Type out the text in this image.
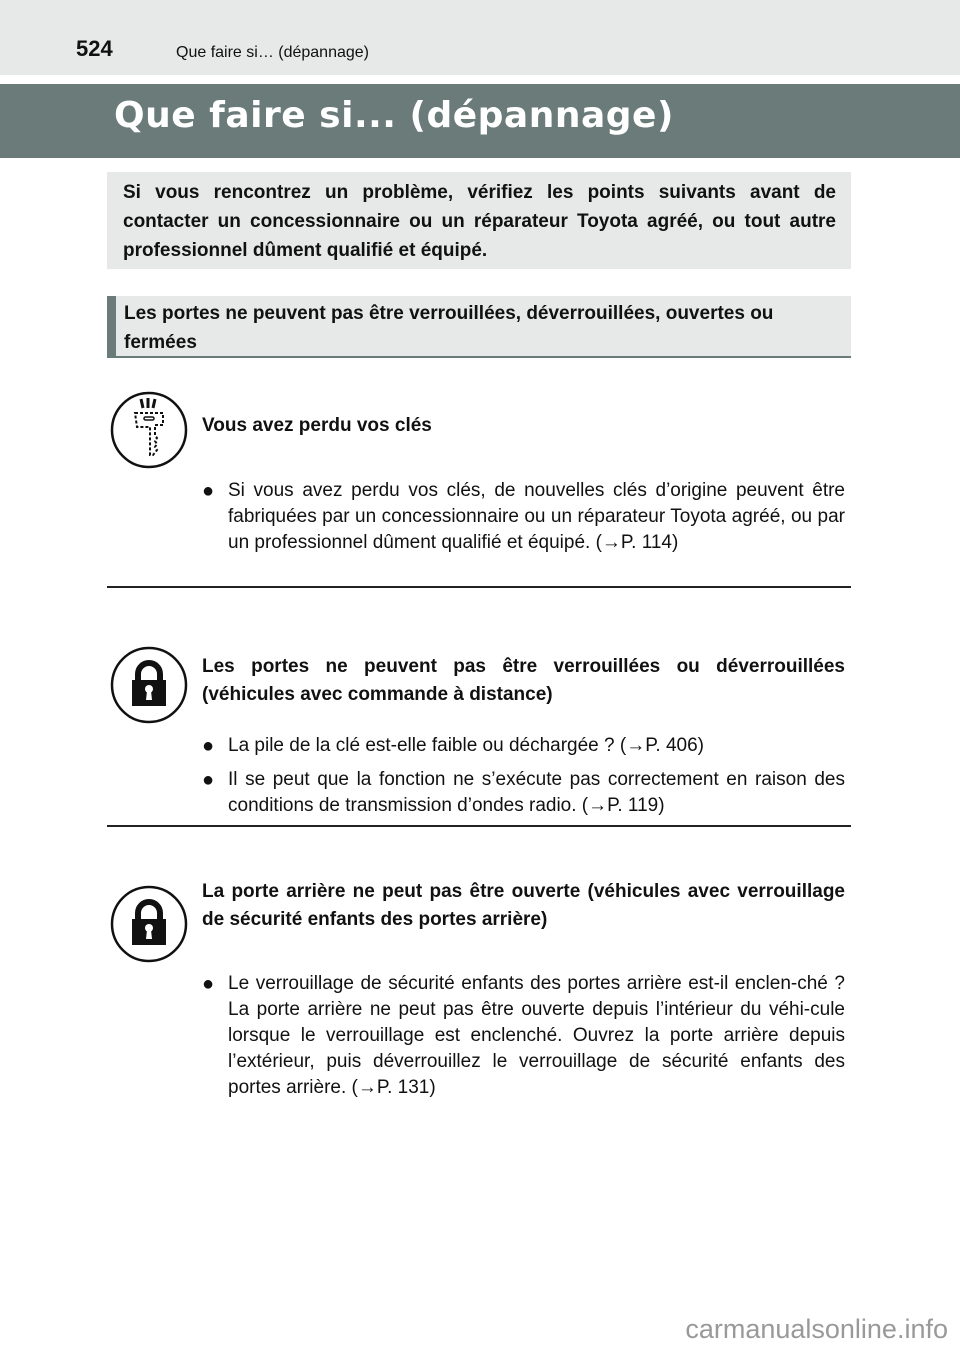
524	Que faire si… (dépannage)
Que faire si... (dépannage)
Si vous rencontrez un problème, vérifiez les points suivants avant de contacter un concessionnaire ou un réparateur Toyota agréé, ou tout autre professionnel dûment qualifié et équipé.
Les portes ne peuvent pas être verrouillées, déverrouillées, ouvertes ou fermées
Vous avez perdu vos clés
● Si vous avez perdu vos clés, de nouvelles clés d’origine peuvent être fabriquées par un concessionnaire ou un réparateur Toyota agréé, ou par un professionnel dûment qualifié et équipé. (→P. 114)
Les portes ne peuvent pas être verrouillées ou déverrouillées (véhicules avec commande à distance)
● La pile de la clé est-elle faible ou déchargée ? (→P. 406)
● Il se peut que la fonction ne s’exécute pas correctement en raison des conditions de transmission d’ondes radio. (→P. 119)
La porte arrière ne peut pas être ouverte (véhicules avec verrouillage de sécurité enfants des portes arrière)
● Le verrouillage de sécurité enfants des portes arrière est-il enclen-ché ? La porte arrière ne peut pas être ouverte depuis l’intérieur du véhi-cule lorsque le verrouillage est enclenché. Ouvrez la porte arrière depuis l’extérieur, puis déverrouillez le verrouillage de sécurité enfants des portes arrière. (→P. 131)
carmanualsonline.info
